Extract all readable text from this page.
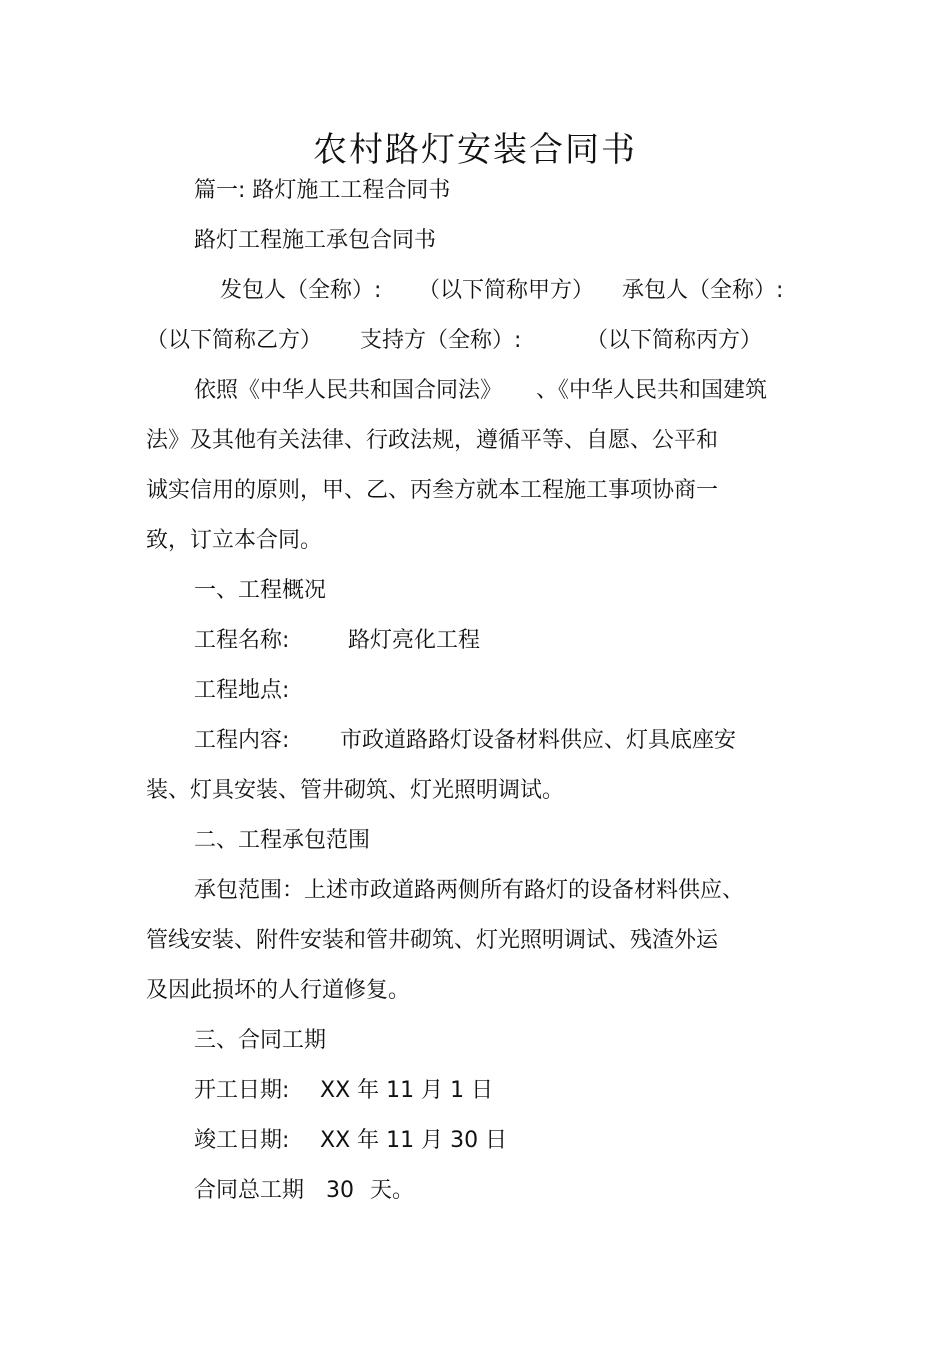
农村路灯安装合同书
篇一: 路灯施工工程合同书
路灯工程施工承包合同书
发包人（全称）: （以下简称甲方） 承包人（全称）:
（以下简称乙方） 支持方（全称）:	（以下简称丙方）
依照《中华人民共和国合同法》 、《中华人民共和国建筑
法》及其他有关法律、行政法规，遵循平等、自愿、公平和
诚实信用的原则，甲、乙、丙叁方就本工程施工事项协商一
致，订立本合同。
一、工程概况
工程名称:	路灯亮化工程
工程地点:
工程内容: 市政道路路灯设备材料供应、灯具底座安
装、灯具安装、管井砌筑、灯光照明调试。
二、工程承包范围
承包范围：上述市政道路两侧所有路灯的设备材料供应、
管线安装、附件安装和管井砌筑、灯光照明调试、残渣外运
及因此损坏的人行道修复。
三、合同工期
开工日期: XX 年 11 月 1 日
竣工日期: XX 年 11 月 30 日
合同总工期 30 天。
